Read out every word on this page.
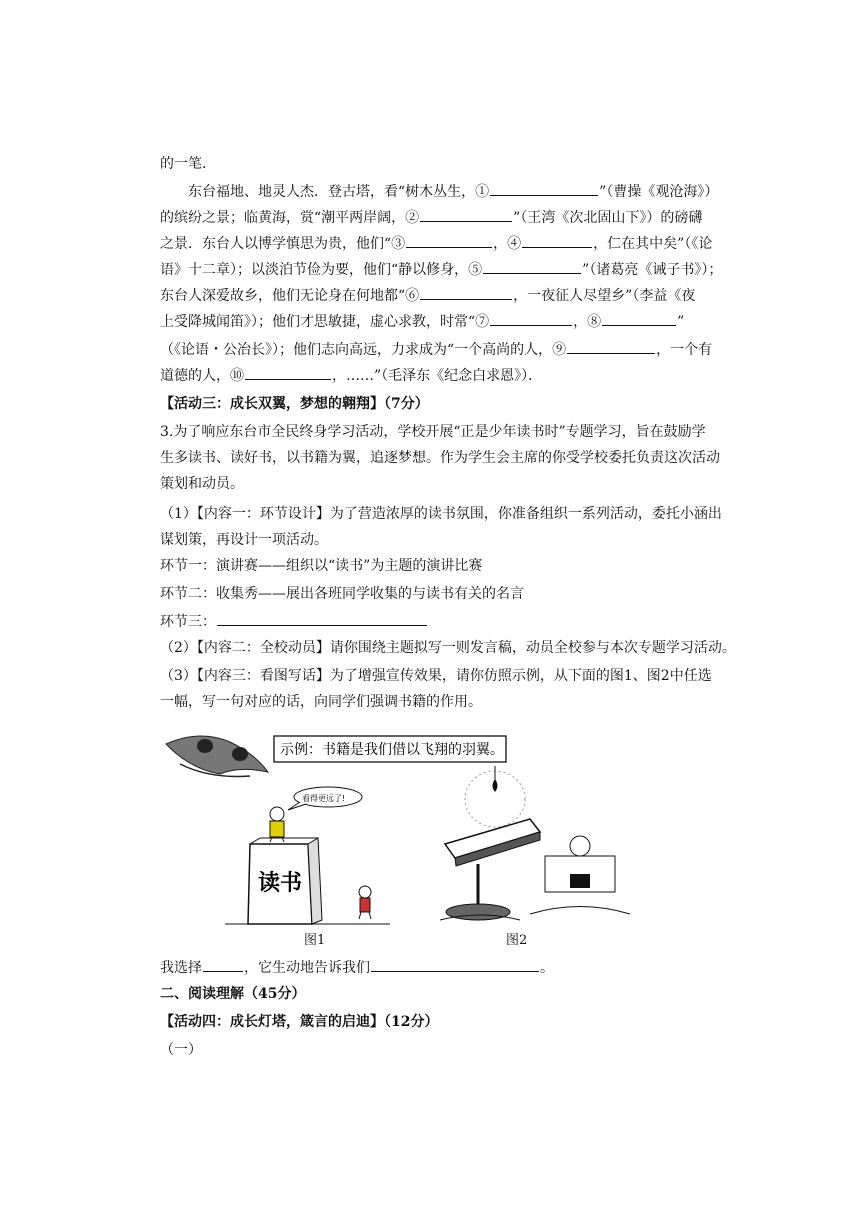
的一笔．
东台福地、地灵人杰．登古塔，看“树木丛生，①	”（曹操《观沧海》）
的缤纷之景；临黄海，赏“潮平两岸阔，②	”（王湾《次北固山下》）的磅礴
之景．东台人以博学慎思为贵，他们“③	，④	，仁在其中矣”（《论
语》十二章）；以淡泊节俭为要，他们“静以修身，⑤	”（诸葛亮《诫子书》）；
东台人深爱故乡，他们无论身在何地都“⑥	，一夜征人尽望乡”（李益《夜
上受降城闻笛》）；他们才思敏捷，虚心求教，时常“⑦	，⑧	”
（《论语・公冶长》）；他们志向高远，力求成为“一个高尚的人，⑨	，一个有
道德的人，⑩	，……”（毛泽东《纪念白求恩》）．
【活动三：成长双翼，梦想的翱翔】（7分）
3.为了响应东台市全民终身学习活动，学校开展“正是少年读书时”专题学习，旨在鼓励学
生多读书、读好书，以书籍为翼，追逐梦想。作为学生会主席的你受学校委托负责这次活动
策划和动员。
（1）【内容一：环节设计】为了营造浓厚的读书氛围，你准备组织一系列活动，委托小涵出
谋划策，再设计一项活动。
环节一：演讲赛——组织以“读书”为主题的演讲比赛
环节二：收集秀——展出各班同学收集的与读书有关的名言
环节三：
（2）【内容二：全校动员】请你围绕主题拟写一则发言稿，动员全校参与本次专题学习活动。
（3）【内容三：看图写话】为了增强宣传效果，请你仿照示例，从下面的图1、图2中任选
一幅，写一句对应的话，向同学们强调书籍的作用。
示例：书籍是我们借以飞翔的羽翼。
读书
看得更远了!
图1	图2
我选择	，它生动地告诉我们	。
二、阅读理解（45分）
【活动四：成长灯塔，箴言的启迪】（12分）
（一）
